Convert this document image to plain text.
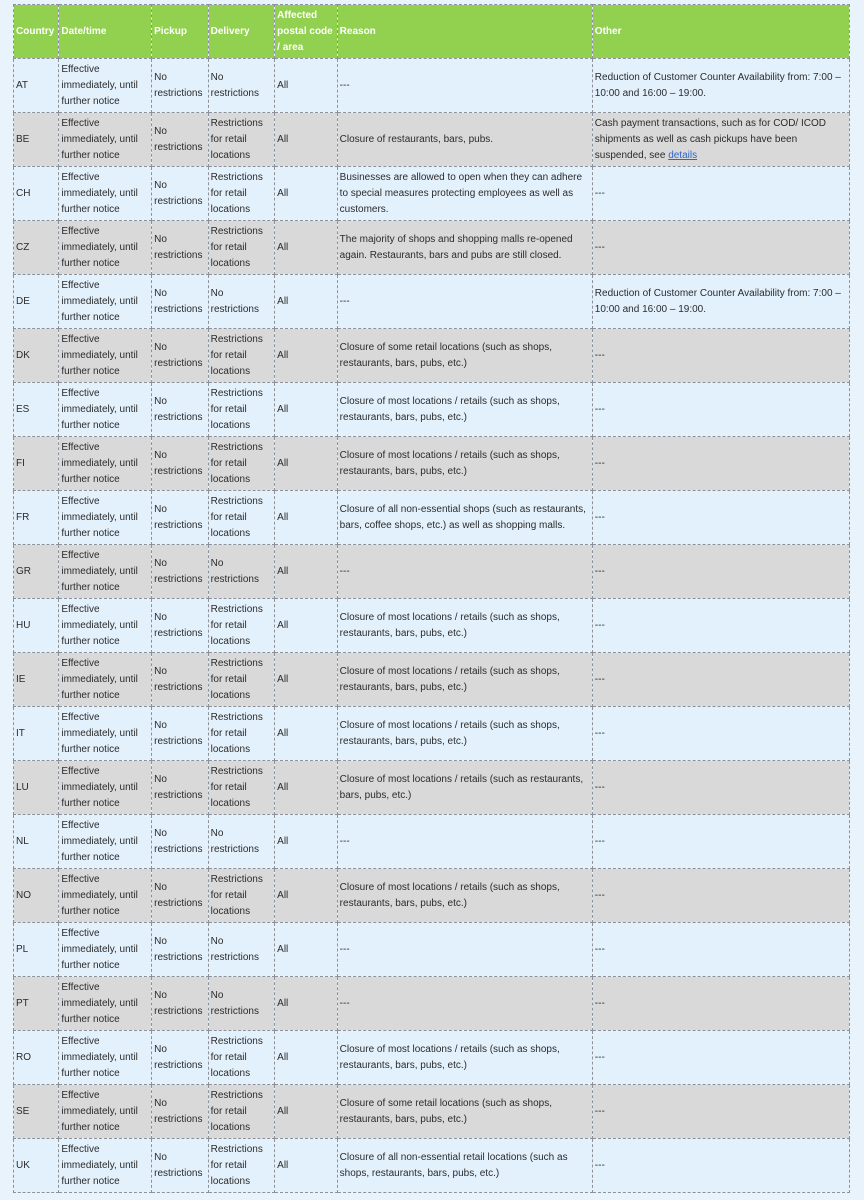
Country	Date/time	Pickup	Delivery	Affected postal code / area	Reason	Other
AT	Effective immediately, until further notice	No restrictions	No restrictions	All	---	Reduction of Customer Counter Availability from: 7:00 – 10:00 and 16:00 – 19:00.
BE	Effective immediately, until further notice	No restrictions	Restrictions for retail locations	All	Closure of restaurants, bars, pubs.	Cash payment transactions, such as for COD/ ICOD shipments as well as cash pickups have been suspended, see details
CH	Effective immediately, until further notice	No restrictions	Restrictions for retail locations	All	Businesses are allowed to open when they can adhere to special measures protecting employees as well as customers.	---
CZ	Effective immediately, until further notice	No restrictions	Restrictions for retail locations	All	The majority of shops and shopping malls re-opened again. Restaurants, bars and pubs are still closed.	---
DE	Effective immediately, until further notice	No restrictions	No restrictions	All	---	Reduction of Customer Counter Availability from: 7:00 – 10:00 and 16:00 – 19:00.
DK	Effective immediately, until further notice	No restrictions	Restrictions for retail locations	All	Closure of some retail locations (such as shops, restaurants, bars, pubs, etc.)	---
ES	Effective immediately, until further notice	No restrictions	Restrictions for retail locations	All	Closure of most locations / retails (such as shops, restaurants, bars, pubs, etc.)	---
FI	Effective immediately, until further notice	No restrictions	Restrictions for retail locations	All	Closure of most locations / retails (such as shops, restaurants, bars, pubs, etc.)	---
FR	Effective immediately, until further notice	No restrictions	Restrictions for retail locations	All	Closure of all non-essential shops (such as restaurants, bars, coffee shops, etc.) as well as shopping malls.	---
GR	Effective immediately, until further notice	No restrictions	No restrictions	All	---	---
HU	Effective immediately, until further notice	No restrictions	Restrictions for retail locations	All	Closure of most locations / retails (such as shops, restaurants, bars, pubs, etc.)	---
IE	Effective immediately, until further notice	No restrictions	Restrictions for retail locations	All	Closure of most locations / retails (such as shops, restaurants, bars, pubs, etc.)	---
IT	Effective immediately, until further notice	No restrictions	Restrictions for retail locations	All	Closure of most locations / retails (such as shops, restaurants, bars, pubs, etc.)	---
LU	Effective immediately, until further notice	No restrictions	Restrictions for retail locations	All	Closure of most locations / retails (such as restaurants, bars, pubs, etc.)	---
NL	Effective immediately, until further notice	No restrictions	No restrictions	All	---	---
NO	Effective immediately, until further notice	No restrictions	Restrictions for retail locations	All	Closure of most locations / retails (such as shops, restaurants, bars, pubs, etc.)	---
PL	Effective immediately, until further notice	No restrictions	No restrictions	All	---	---
PT	Effective immediately, until further notice	No restrictions	No restrictions	All	---	---
RO	Effective immediately, until further notice	No restrictions	Restrictions for retail locations	All	Closure of most locations / retails (such as shops, restaurants, bars, pubs, etc.)	---
SE	Effective immediately, until further notice	No restrictions	Restrictions for retail locations	All	Closure of some retail locations (such as shops, restaurants, bars, pubs, etc.)	---
UK	Effective immediately, until further notice	No restrictions	Restrictions for retail locations	All	Closure of all non-essential retail locations (such as shops, restaurants, bars, pubs, etc.)	---
